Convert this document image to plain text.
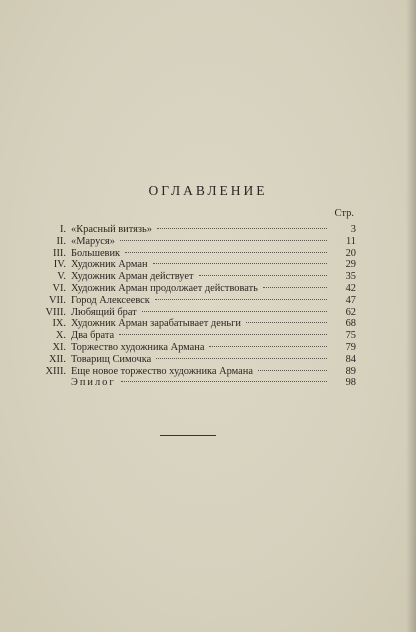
ОГЛАВЛЕНИЕ
Стр.
I. «Красный витязь»	3
II. «Маруся»	11
III. Большевик	20
IV. Художник Арман	29
V. Художник Арман действует	35
VI. Художник Арман продолжает действовать	42
VII. Город Алексеевск	47
VIII. Любящий брат	62
IX. Художник Арман зарабатывает деньги	68
X. Два брата	75
XI. Торжество художника Армана	79
XII. Товарищ Симочка	84
XIII. Еще новое торжество художника Армана	89
Эпилог	98
